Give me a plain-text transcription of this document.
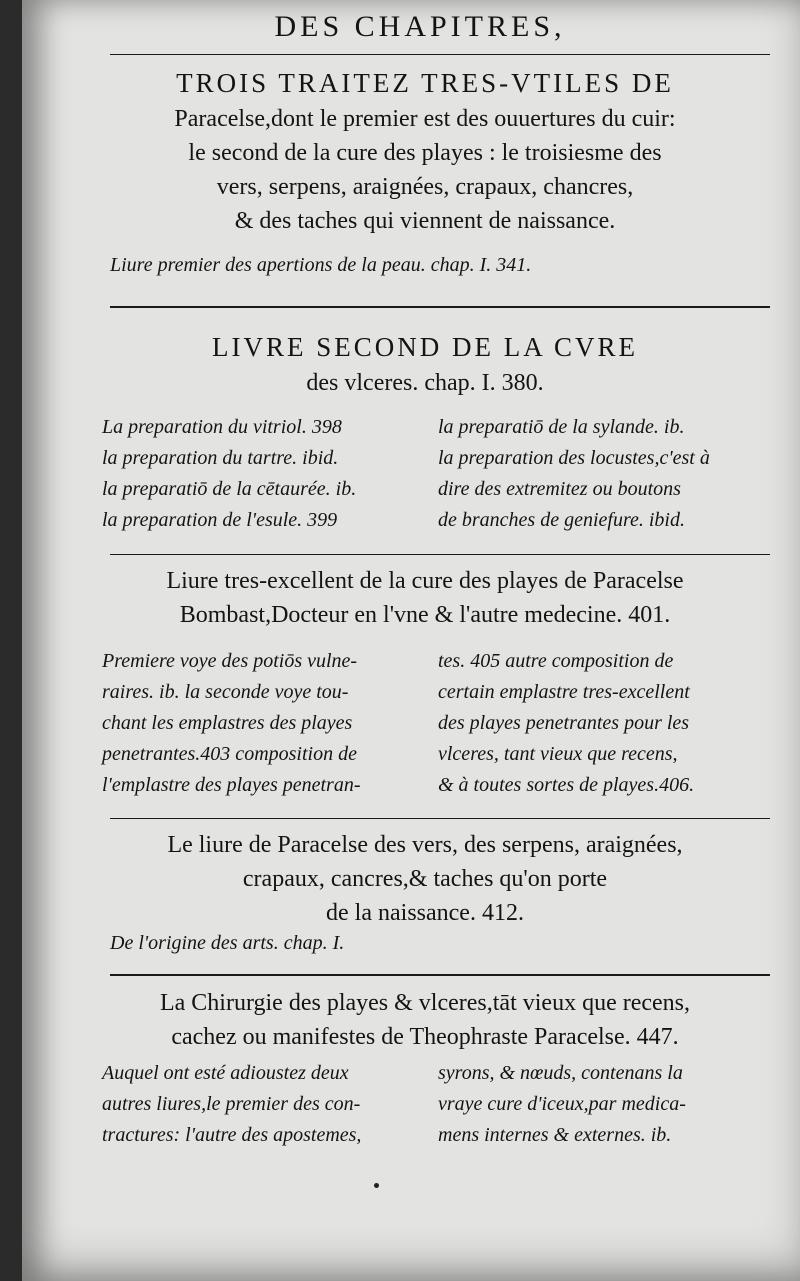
DES CHAPITRES,
TROIS TRAITEZ TRES-VTILES DE
Paracelse,dont le premier est des ouuertures du cuir:
le second de la cure des playes : le troisiesme des
vers, serpens, araignées, crapaux, chancres,
& des taches qui viennent de naissance.
Liure premier des apertions de la peau. chap. I. 341.
LIVRE SECOND DE LA CVRE
des vlceres. chap. I. 380.
La preparation du vitriol. 398
la preparation du tartre. ibid.
la preparatiō de la cētaurée. ib.
la preparation de l'esule. 399
la preparatiō de la sylande. ib.
la preparation des locustes,c'est à
dire des extremitez ou boutons
de branches de geniefure. ibid.
Liure tres-excellent de la cure des playes de Paracelse
Bombast,Docteur en l'vne & l'autre medecine. 401.
Premiere voye des potiōs vulne-
raires. ib. la seconde voye tou-
chant les emplastres des playes
penetrantes.403 composition de
l'emplastre des playes penetran-
tes. 405 autre composition de
certain emplastre tres-excellent
des playes penetrantes pour les
vlceres, tant vieux que recens,
& à toutes sortes de playes.406.
Le liure de Paracelse des vers, des serpens, araignées,
crapaux, cancres,& taches qu'on porte
de la naissance. 412.
De l'origine des arts. chap. I.
La Chirurgie des playes & vlceres,tāt vieux que recens,
cachez ou manifestes de Theophraste Paracelse. 447.
Auquel ont esté adioustez deux
autres liures,le premier des con-
tractures: l'autre des apostemes,
syrons, & nœuds, contenans la
vraye cure d'iceux,par medica-
mens internes & externes. ib.
